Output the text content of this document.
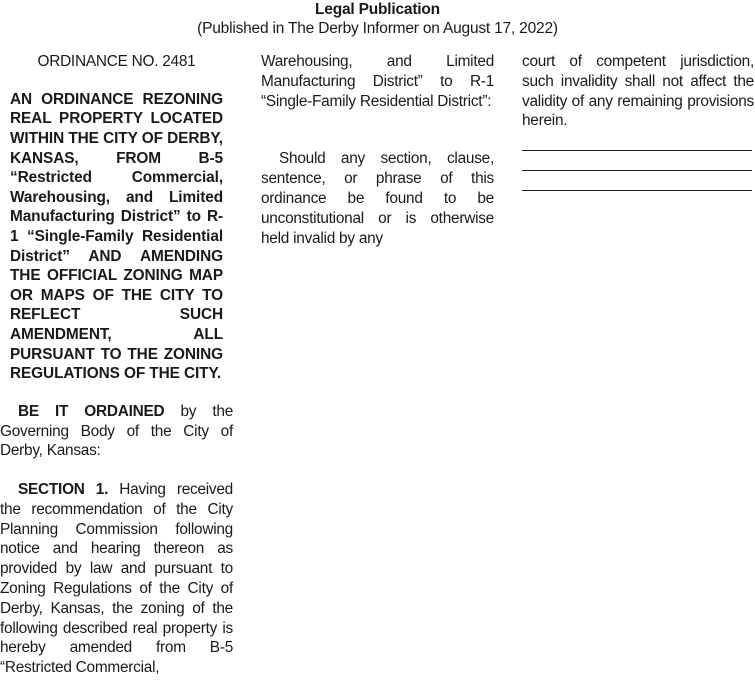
Legal Publication
(Published in The Derby Informer on August 17, 2022)

ORDINANCE NO. 2481

AN ORDINANCE REZONING REAL PROPERTY LOCATED WITHIN THE CITY OF DERBY, KANSAS, FROM B-5 “Restricted Commercial, Warehousing, and Limited Manufacturing District” to R-1 “Single-Family Residential District” AND AMENDING THE OFFICIAL ZONING MAP OR MAPS OF THE CITY TO REFLECT SUCH AMENDMENT, ALL PURSUANT TO THE ZONING REGULATIONS OF THE CITY.

BE IT ORDAINED by the Governing Body of the City of Derby, Kansas:

SECTION 1. Having received the recommendation of the City Planning Commission following notice and hearing thereon as provided by law and pursuant to Zoning Regulations of the City of Derby, Kansas, the zoning of the following described real property is hereby amended from B-5 “Restricted Commercial,

Warehousing, and Limited Manufacturing District” to R-1 “Single-Family Residential District”:

Should any section, clause, sentence, or phrase of this ordinance be found to be unconstitutional or is otherwise held invalid by any

court of competent jurisdiction, such invalidity shall not affect the validity of any remaining provisions herein.
